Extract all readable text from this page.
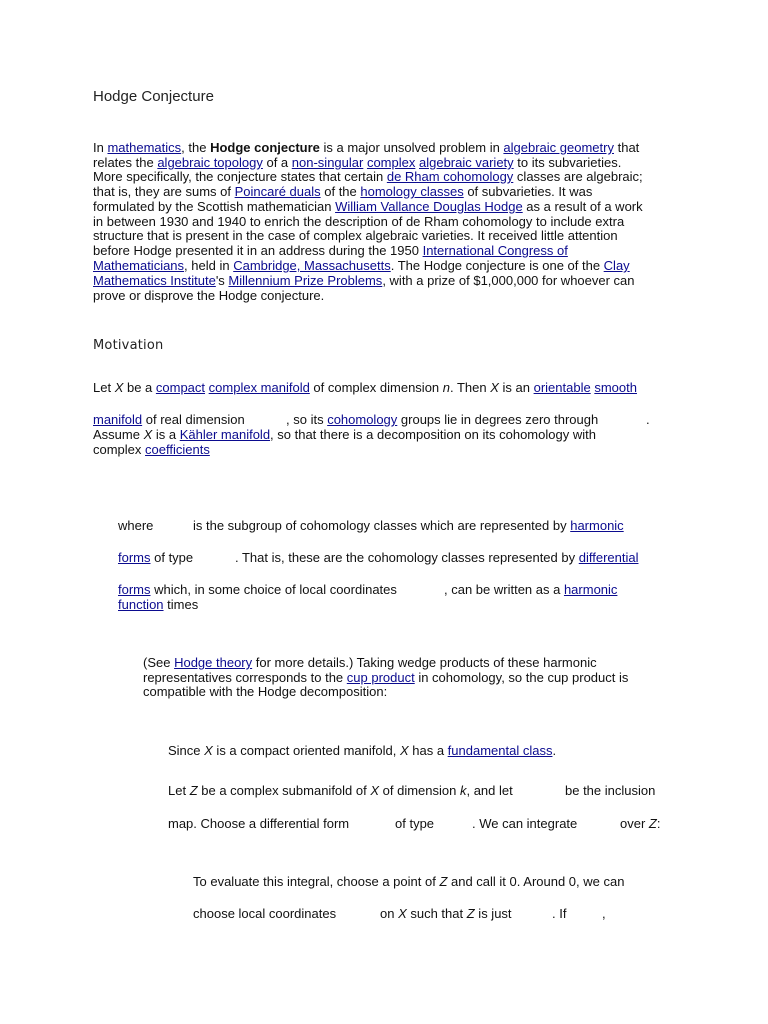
Hodge Conjecture
In mathematics, the Hodge conjecture is a major unsolved problem in algebraic geometry that
relates the algebraic topology of a non-singular complex algebraic variety to its subvarieties.
More specifically, the conjecture states that certain de Rham cohomology classes are algebraic;
that is, they are sums of Poincaré duals of the homology classes of subvarieties. It was
formulated by the Scottish mathematician William Vallance Douglas Hodge as a result of a work
in between 1930 and 1940 to enrich the description of de Rham cohomology to include extra
structure that is present in the case of complex algebraic varieties. It received little attention
before Hodge presented it in an address during the 1950 International Congress of
Mathematicians, held in Cambridge, Massachusetts. The Hodge conjecture is one of the Clay
Mathematics Institute's Millennium Prize Problems, with a prize of $1,000,000 for whoever can
prove or disprove the Hodge conjecture.
Motivation
Let X be a compact complex manifold of complex dimension n. Then X is an orientable smooth
manifold of real dimension	, so its cohomology groups lie in degrees zero through	.
Assume X is a Kähler manifold, so that there is a decomposition on its cohomology with
complex coefficients
where	is the subgroup of cohomology classes which are represented by harmonic
forms of type	. That is, these are the cohomology classes represented by differential
forms which, in some choice of local coordinates	, can be written as a harmonic
function times
(See Hodge theory for more details.) Taking wedge products of these harmonic
representatives corresponds to the cup product in cohomology, so the cup product is
compatible with the Hodge decomposition:
Since X is a compact oriented manifold, X has a fundamental class.
Let Z be a complex submanifold of X of dimension k, and let	be the inclusion
map. Choose a differential form	of type	. We can integrate	over Z:
To evaluate this integral, choose a point of Z and call it 0. Around 0, we can
choose local coordinates	on X such that Z is just	. If	,
